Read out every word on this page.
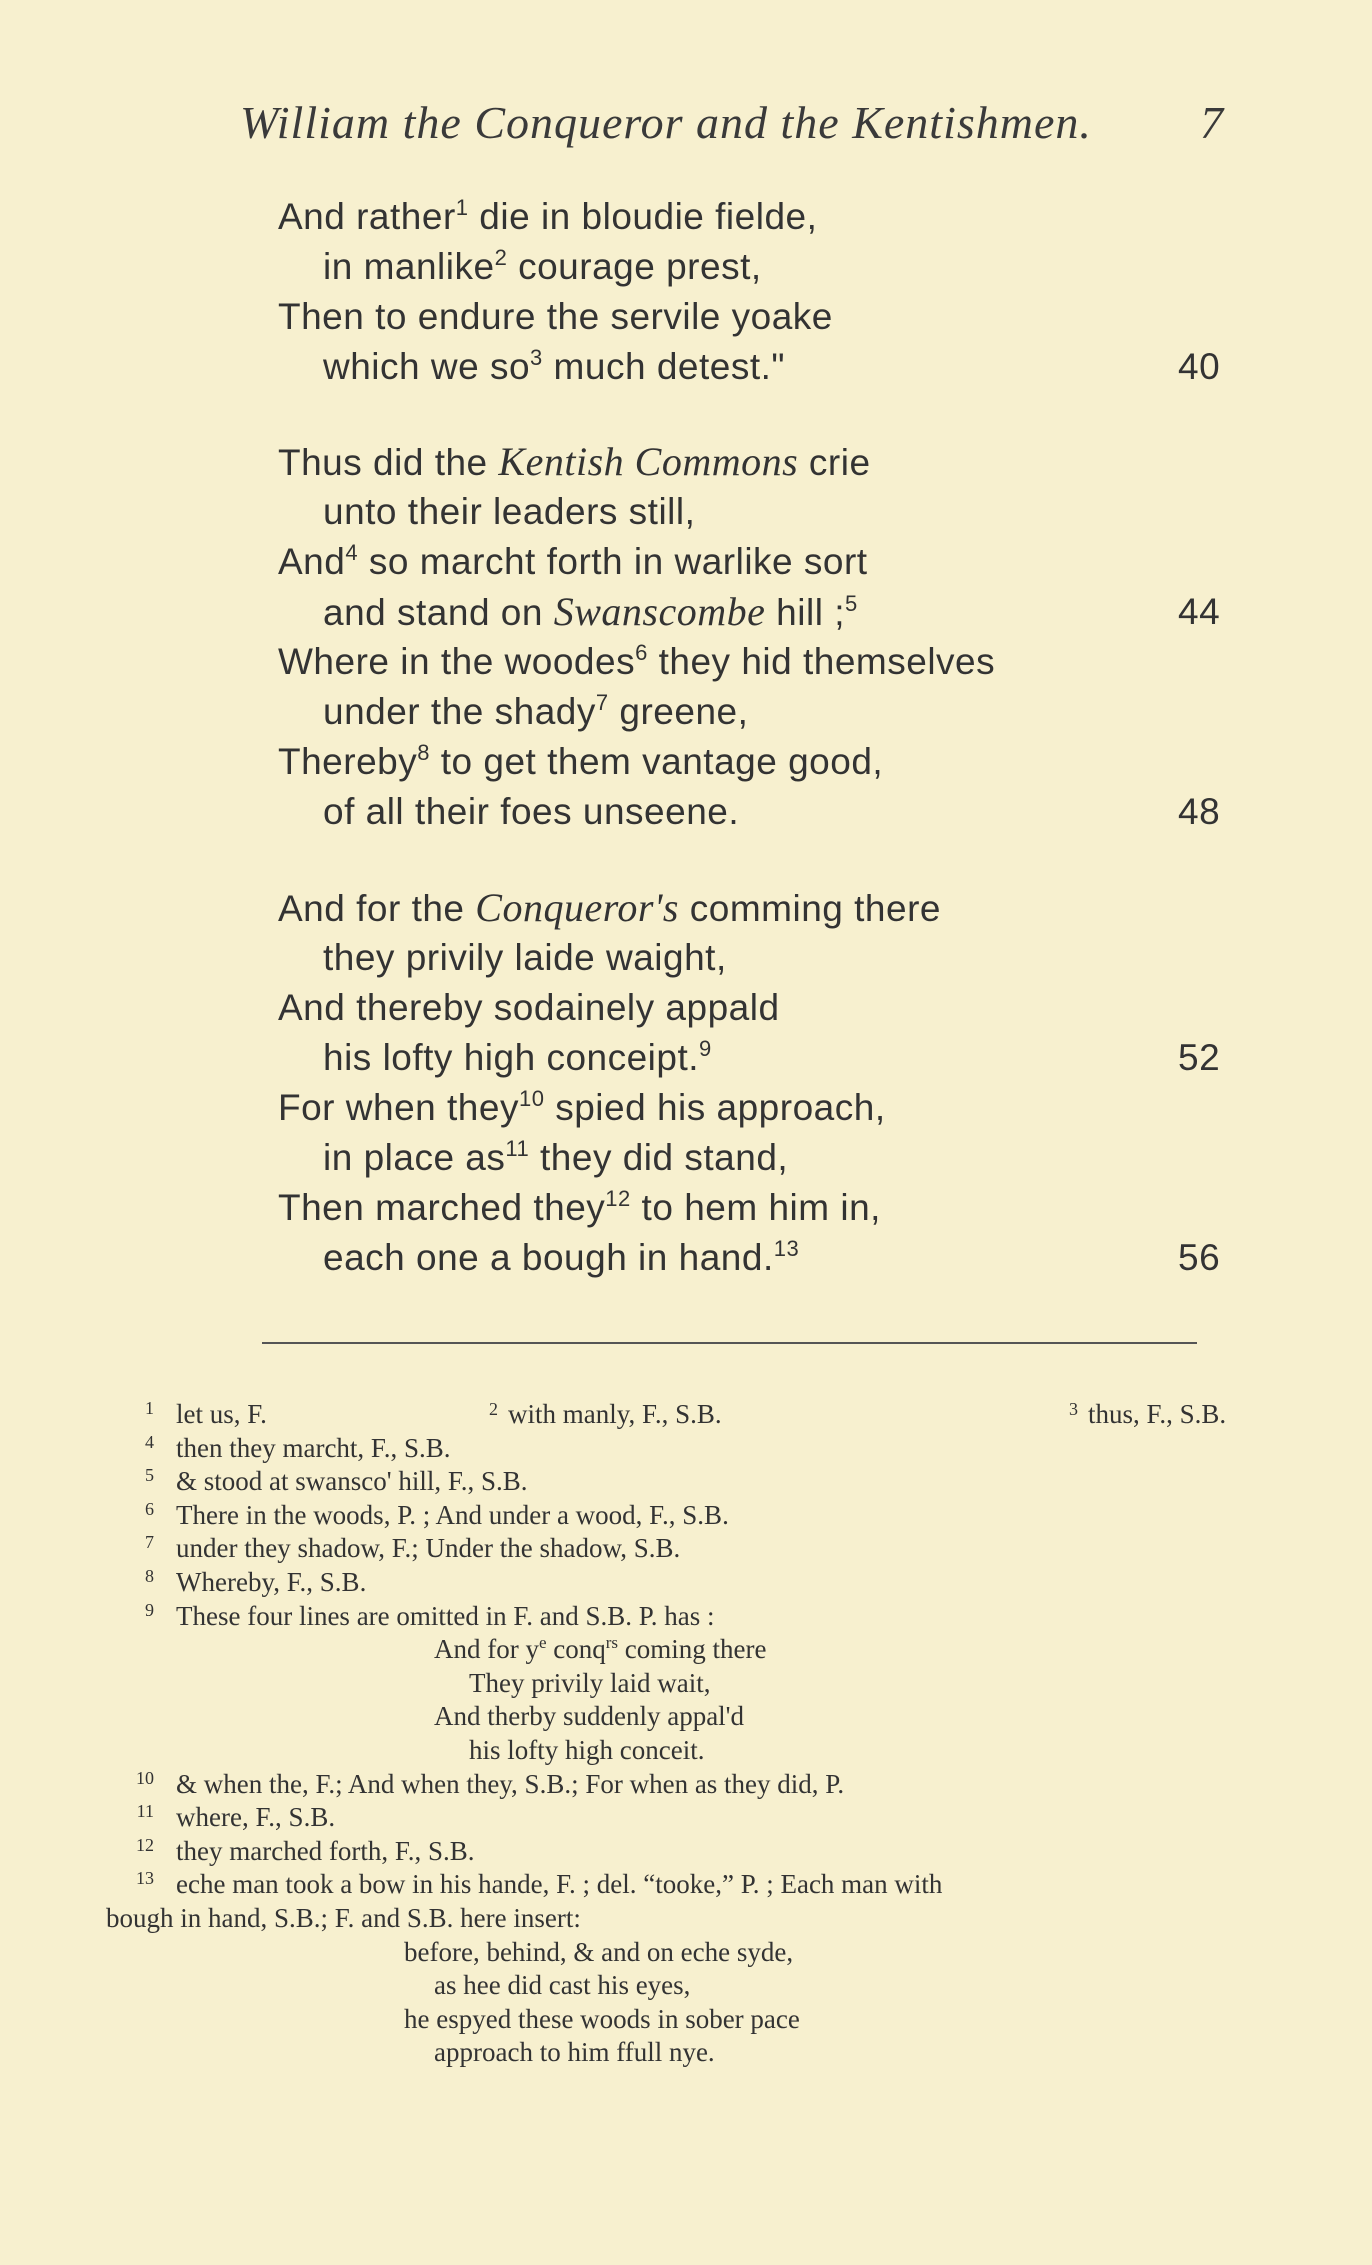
William the Conqueror and the Kentishmen. 7
And rather$^1$ die in bloudie fielde,
in manlike$^2$ courage prest,
Then to endure the servile yoake
which we $so^3$ much detest."	40
Thus did the Kentish Commons crie
unto their leaders still,
And$^4$ so marcht forth in warlike sort
and stand on Swanscombe hill ;$^5$	44
Where in the woodes$^6$ they hid themselves
under the shady$^7$ greene,
Thereby$^8$ to get them vantage good,
of all their foes unseene.	48
And for the Conqueror's comming there
they privily laide waight,
And thereby sodainely appald
his lofty high conceipt.$^9$	52
For when they$^{10}$ spied his approach,
in place $as^{11}$ they did stand,
Then marched they$^{12}$ to hem him in,
each one a bough in hand.$^{13}$	56
1 let us, F.	$^2$ with manly, F., S.B.	$^3$ thus, F., S.B.
4 then they marcht, F., S.B.
5 & stood at swansco' hill, F., S.B.
6 There in the woods, P. ; And under a wood, F., S.B.
7 under they shadow, F.; Under the shadow, S.B.
8 Whereby, F., S.B.
9 These four lines are omitted in F. and S.B. P. has :
And for $y^e$ conq$^{rs}$ coming there
They privily laid wait,
And therby suddenly appal'd
his lofty high conceit.
10 & when the, F.; And when they, S.B.; For when as they did, P.
11 where, F., S.B.
12 they marched forth, F., S.B.
13 eche man took a bow in his hande, F. ; del. “tooke,” P. ; Each man with
bough in hand, S.B.; F. and S.B. here insert:
before, behind, & and on eche syde,
as hee did cast his eyes,
he espyed these woods in sober pace
approach to him ffull nye.
